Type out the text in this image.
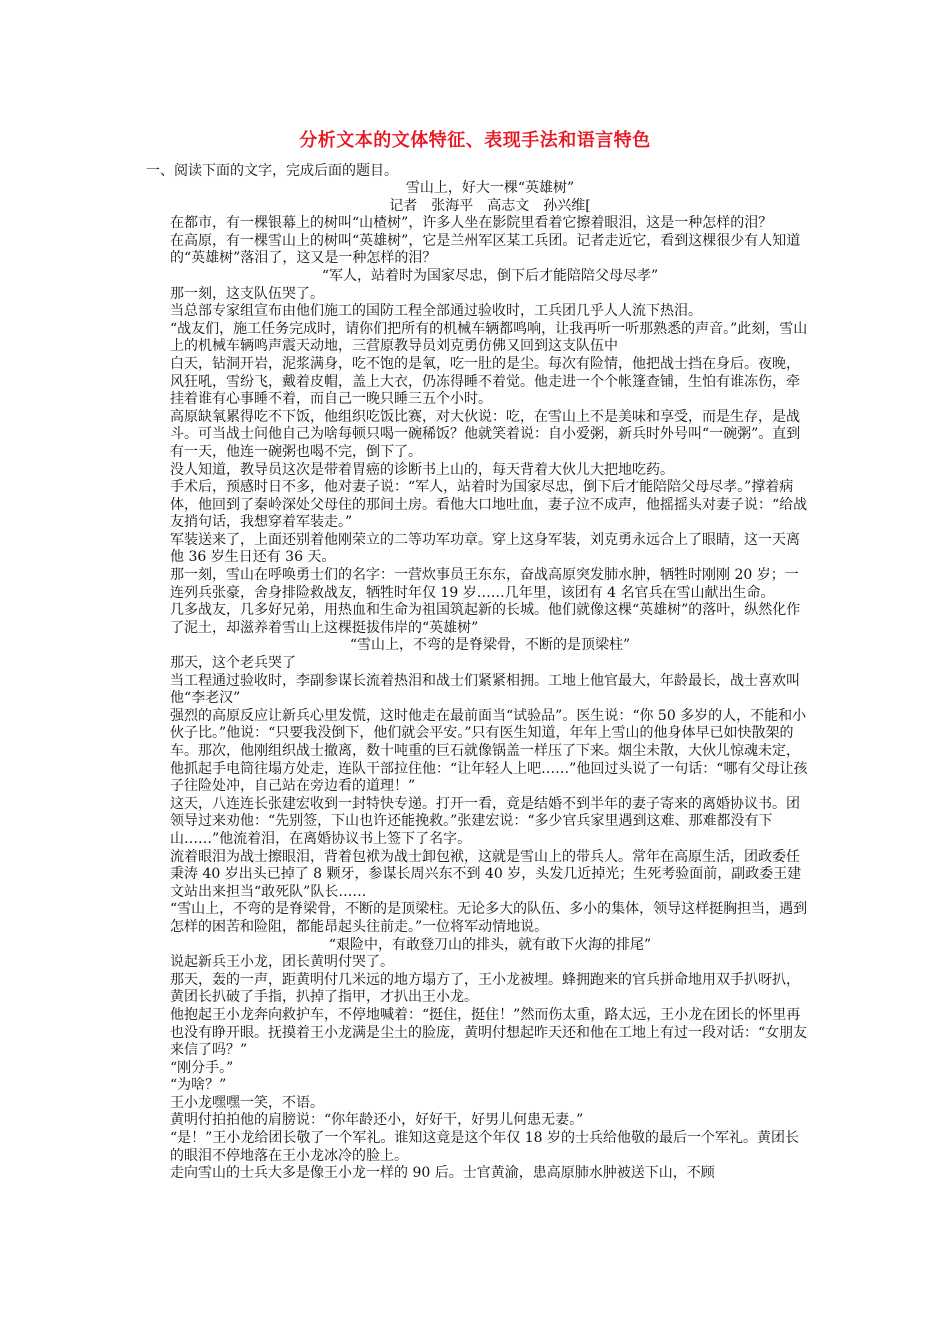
分析文本的文体特征、表现手法和语言特色
一、阅读下面的文字，完成后面的题目。

雪山上，好大一棵“英雄树”

记者　张海平　高志文　孙兴维[

在都市，有一棵银幕上的树叫“山楂树”，许多人坐在影院里看着它擦着眼泪，这是一种怎样的泪？

在高原，有一棵雪山上的树叫“英雄树”，它是兰州军区某工兵团。记者走近它，看到这棵很少有人知道的“英雄树”落泪了，这又是一种怎样的泪？

“军人，站着时为国家尽忠，倒下后才能陪陪父母尽孝”

那一刻，这支队伍哭了。

当总部专家组宣布由他们施工的国防工程全部通过验收时，工兵团几乎人人流下热泪。

“战友们，施工任务完成时，请你们把所有的机械车辆都鸣响，让我再听一听那熟悉的声音。”此刻，雪山上的机械车辆鸣声震天动地，三营原教导员刘克勇仿佛又回到这支队伍中

白天，钻洞开岩，泥浆满身，吃不饱的是氧，吃一肚的是尘。每次有险情，他把战士挡在身后。夜晚，风狂吼，雪纷飞，戴着皮帽，盖上大衣，仍冻得睡不着觉。他走进一个个帐篷查铺，生怕有谁冻伤，牵挂着谁有心事睡不着，而自己一晚只睡三五个小时。

高原缺氧累得吃不下饭，他组织吃饭比赛，对大伙说：吃，在雪山上不是美味和享受，而是生存，是战斗。可当战士问他自己为啥每顿只喝一碗稀饭？他就笑着说：自小爱粥，新兵时外号叫“一碗粥”。直到有一天，他连一碗粥也喝不完，倒下了。

没人知道，教导员这次是带着胃癌的诊断书上山的，每天背着大伙儿大把地吃药。

手术后，预感时日不多，他对妻子说：“军人，站着时为国家尽忠，倒下后才能陪陪父母尽孝。”撑着病体，他回到了秦岭深处父母住的那间土房。看他大口地吐血，妻子泣不成声，他摇摇头对妻子说：“给战友捎句话，我想穿着军装走。”

军装送来了，上面还别着他刚荣立的二等功军功章。穿上这身军装，刘克勇永远合上了眼睛，这一天离他 36 岁生日还有 36 天。

那一刻，雪山在呼唤勇士们的名字：一营炊事员王东东，奋战高原突发肺水肿，牺牲时刚刚 20 岁；一连列兵张豪，舍身排险救战友，牺牲时年仅 19 岁……几年里，该团有 4 名官兵在雪山献出生命。

几多战友，几多好兄弟，用热血和生命为祖国筑起新的长城。他们就像这棵“英雄树”的落叶，纵然化作了泥土，却滋养着雪山上这棵挺拔伟岸的“英雄树”

“雪山上，不弯的是脊梁骨，不断的是顶梁柱”

那天，这个老兵哭了

当工程通过验收时，李副参谋长流着热泪和战士们紧紧相拥。工地上他官最大，年龄最长，战士喜欢叫他“李老汉”

强烈的高原反应让新兵心里发慌，这时他走在最前面当“试验品”。医生说：“你 50 多岁的人，不能和小伙子比。”他说：“只要我没倒下，他们就会平安。”只有医生知道，年年上雪山的他身体早已如快散架的车。那次，他刚组织战士撤离，数十吨重的巨石就像锅盖一样压了下来。烟尘未散，大伙儿惊魂未定，他抓起手电筒往塌方处走，连队干部拉住他：“让年轻人上吧……”他回过头说了一句话：“哪有父母让孩子往险处冲，自己站在旁边看的道理！”

这天，八连连长张建宏收到一封特快专递。打开一看，竟是结婚不到半年的妻子寄来的离婚协议书。团领导过来劝他：“先别签，下山也许还能挽救。”张建宏说：“多少官兵家里遇到这难、那难都没有下山……”他流着泪，在离婚协议书上签下了名字。

流着眼泪为战士擦眼泪，背着包袱为战士卸包袱，这就是雪山上的带兵人。常年在高原生活，团政委任秉涛 40 岁出头已掉了 8 颗牙，参谋长周兴东不到 40 岁，头发几近掉光；生死考验面前，副政委王建文站出来担当“敢死队”队长……

“雪山上，不弯的是脊梁骨，不断的是顶梁柱。无论多大的队伍、多小的集体，领导这样挺胸担当，遇到怎样的困苦和险阻，都能昂起头往前走。”一位将军动情地说。

“艰险中，有敢登刀山的排头，就有敢下火海的排尾”

说起新兵王小龙，团长黄明付哭了。

那天，轰的一声，距黄明付几米远的地方塌方了，王小龙被埋。蜂拥跑来的官兵拼命地用双手扒呀扒，黄团长扒破了手指，扒掉了指甲，才扒出王小龙。

他抱起王小龙奔向救护车，不停地喊着：“挺住，挺住！”然而伤太重，路太远，王小龙在团长的怀里再也没有睁开眼。抚摸着王小龙满是尘土的脸庞，黄明付想起昨天还和他在工地上有过一段对话：“女朋友来信了吗？”

“刚分手。”

“为啥？”

王小龙嘿嘿一笑，不语。

黄明付拍拍他的肩膀说：“你年龄还小，好好干，好男儿何患无妻。”

“是！”王小龙给团长敬了一个军礼。谁知这竟是这个年仅 18 岁的士兵给他敬的最后一个军礼。黄团长的眼泪不停地落在王小龙冰冷的脸上。

走向雪山的士兵大多是像王小龙一样的 90 后。士官黄渝，患高原肺水肿被送下山，不顾
